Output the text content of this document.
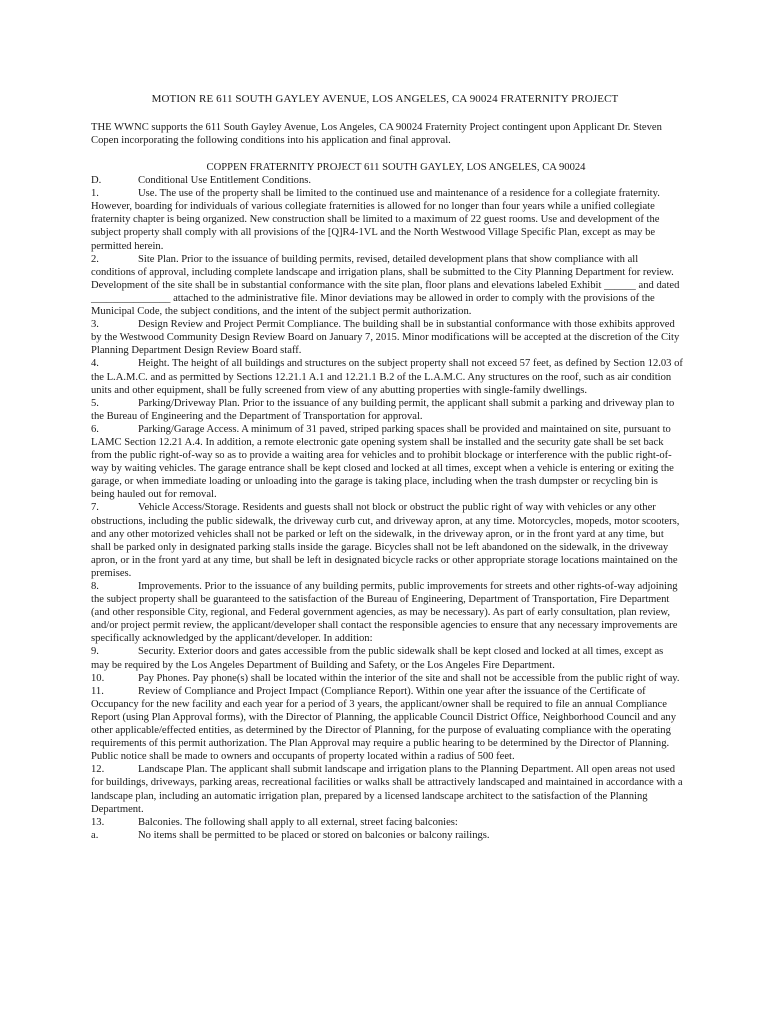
MOTION RE 611 SOUTH GAYLEY AVENUE, LOS ANGELES, CA 90024 FRATERNITY PROJECT
THE WWNC supports the 611 South Gayley Avenue, Los Angeles, CA 90024 Fraternity Project contingent upon Applicant Dr. Steven Copen incorporating the following conditions into his application and final approval.

COPPEN FRATERNITY PROJECT 611 SOUTH GAYLEY, LOS ANGELES, CA 90024

D.	Conditional Use Entitlement Conditions.

1.	Use. The use of the property shall be limited to the continued use and maintenance of a residence for a collegiate fraternity. However, boarding for individuals of various collegiate fraternities is allowed for no longer than four years while a unified collegiate fraternity chapter is being organized. New construction shall be limited to a maximum of 22 guest rooms. Use and development of the subject property shall comply with all provisions of the [Q]R4-1VL and the North Westwood Village Specific Plan, except as may be permitted herein.

2.	Site Plan. Prior to the issuance of building permits, revised, detailed development plans that show compliance with all conditions of approval, including complete landscape and irrigation plans, shall be submitted to the City Planning Department for review. Development of the site shall be in substantial conformance with the site plan, floor plans and elevations labeled Exhibit ______ and dated _______________ attached to the administrative file. Minor deviations may be allowed in order to comply with the provisions of the Municipal Code, the subject conditions, and the intent of the subject permit authorization.

3.	Design Review and Project Permit Compliance. The building shall be in substantial conformance with those exhibits approved by the Westwood Community Design Review Board on January 7, 2015. Minor modifications will be accepted at the discretion of the City Planning Department Design Review Board staff.

4.	Height. The height of all buildings and structures on the subject property shall not exceed 57 feet, as defined by Section 12.03 of the L.A.M.C. and as permitted by Sections 12.21.1 A.1 and 12.21.1 B.2 of the L.A.M.C. Any structures on the roof, such as air condition units and other equipment, shall be fully screened from view of any abutting properties with single-family dwellings.

5.	Parking/Driveway Plan. Prior to the issuance of any building permit, the applicant shall submit a parking and driveway plan to the Bureau of Engineering and the Department of Transportation for approval.

6.	Parking/Garage Access. A minimum of 31 paved, striped parking spaces shall be provided and maintained on site, pursuant to LAMC Section 12.21 A.4. In addition, a remote electronic gate opening system shall be installed and the security gate shall be set back from the public right-of-way so as to provide a waiting area for vehicles and to prohibit blockage or interference with the public right-of-way by waiting vehicles. The garage entrance shall be kept closed and locked at all times, except when a vehicle is entering or exiting the garage, or when immediate loading or unloading into the garage is taking place, including when the trash dumpster or recycling bin is being hauled out for removal.

7.	Vehicle Access/Storage. Residents and guests shall not block or obstruct the public right of way with vehicles or any other obstructions, including the public sidewalk, the driveway curb cut, and driveway apron, at any time. Motorcycles, mopeds, motor scooters, and any other motorized vehicles shall not be parked or left on the sidewalk, in the driveway apron, or in the front yard at any time, but shall be parked only in designated parking stalls inside the garage. Bicycles shall not be left abandoned on the sidewalk, in the driveway apron, or in the front yard at any time, but shall be left in designated bicycle racks or other appropriate storage locations maintained on the premises.

8.	Improvements. Prior to the issuance of any building permits, public improvements for streets and other rights-of-way adjoining the subject property shall be guaranteed to the satisfaction of the Bureau of Engineering, Department of Transportation, Fire Department (and other responsible City, regional, and Federal government agencies, as may be necessary). As part of early consultation, plan review, and/or project permit review, the applicant/developer shall contact the responsible agencies to ensure that any necessary improvements are specifically acknowledged by the applicant/developer. In addition:

9.	Security. Exterior doors and gates accessible from the public sidewalk shall be kept closed and locked at all times, except as may be required by the Los Angeles Department of Building and Safety, or the Los Angeles Fire Department.

10.	Pay Phones. Pay phone(s) shall be located within the interior of the site and shall not be accessible from the public right of way.

11.	Review of Compliance and Project Impact (Compliance Report). Within one year after the issuance of the Certificate of Occupancy for the new facility and each year for a period of 3 years, the applicant/owner shall be required to file an annual Compliance Report (using Plan Approval forms), with the Director of Planning, the applicable Council District Office, Neighborhood Council and any other applicable/effected entities, as determined by the Director of Planning, for the purpose of evaluating compliance with the operating requirements of this permit authorization. The Plan Approval may require a public hearing to be determined by the Director of Planning. Public notice shall be made to owners and occupants of property located within a radius of 500 feet.

12.	Landscape Plan. The applicant shall submit landscape and irrigation plans to the Planning Department. All open areas not used for buildings, driveways, parking areas, recreational facilities or walks shall be attractively landscaped and maintained in accordance with a landscape plan, including an automatic irrigation plan, prepared by a licensed landscape architect to the satisfaction of the Planning Department.

13.	Balconies. The following shall apply to all external, street facing balconies:

a.	No items shall be permitted to be placed or stored on balconies or balcony railings.
